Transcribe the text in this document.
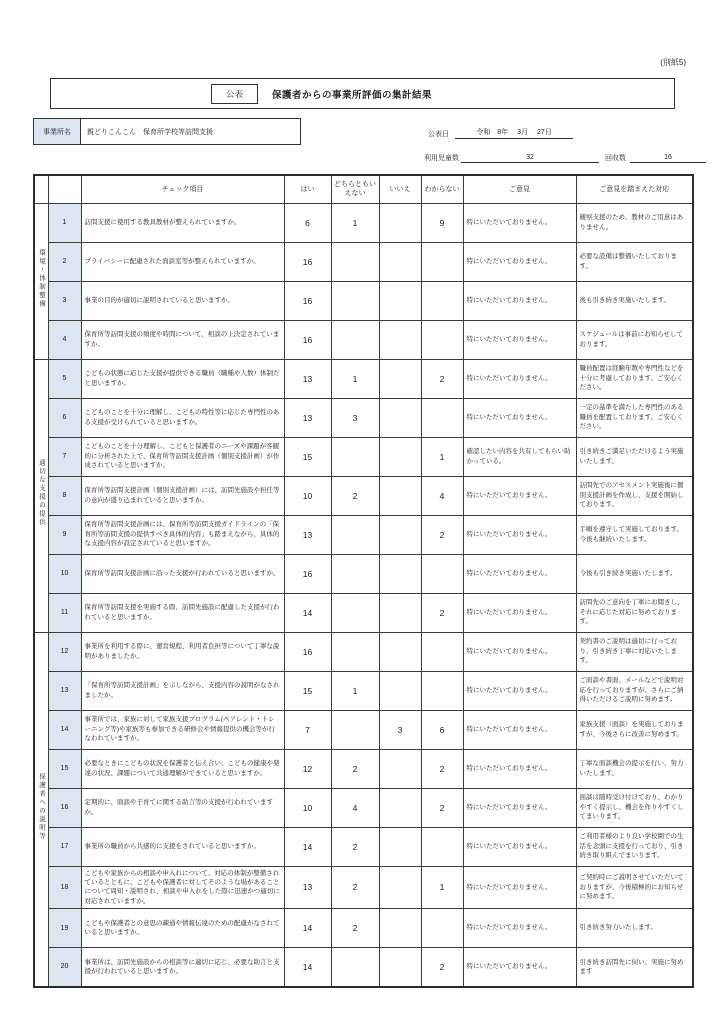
(別紙5)
公表	保護者からの事業所評価の集計結果
事業所名	親どりこんこん　保育所学校等訪問支援	公表日	令和　8年　 3月　 27日
利用児童数	32	回収数	16
		チェック項目	はい	どちらともいえない	いいえ	わからない	ご意見	ご意見を踏まえた対応
環境・体制整備	1	訪問支援に使用する教具教材が整えられていますか。	6	1		9	特にいただいておりません。	観察支援のため、教材のご用意はありません。
	2	プライバシーに配慮された面談室等が整えられていますか。	16				特にいただいておりません。	必要な設備は整備いたしております。
	3	事業の目的が適切に説明されていると思いますか。	16				特にいただいておりません。	後も引き続き実施いたします。
	4	保育所等訪問支援の頻度や時間について、相談の上決定されていますか。	16				特にいただいておりません。	スケジュールは事前にお知らせしております。
適切な支援の提供	5	こどもの状態に応じた支援が提供できる職員（職種や人数）体制だと思いますか。	13	1		2	特にいただいておりません。	職員配置は経験年数や専門性などを十分に考慮しております。ご安心ください。
	6	こどものことを十分に理解し、こどもの特性等に応じた専門性のある支援が受けられていると思いますか。	13	3			特にいただいておりません。	一定の基準を満たした専門性のある職員を配置しております。ご安心ください。
	7	こどものことを十分理解し、こどもと保護者のニーズや課題が客観的に分析された上で、保育所等訪問支援計画（個別支援計画）が作成されていると思いますか。	15			1	確認したい内容を共有してもらい助かっている。	引き続きご満足いただけるよう実施いたします。
	8	保育所等訪問支援計画（個別支援計画）には、訪問先施設や担任等の意向が盛り込まれていると思いますか。	10	2		4	特にいただいておりません。	訪問先でのアセスメント実施後に個別支援計画を作成し、支援を開始しております。
	9	保育所等訪問支援計画には、保育所等訪問支援ガイドラインの「保育所等訪問支援の提供すべき具体的内容」も踏まえながら、具体的な支援内容が設定されていると思いますか。	13			2	特にいただいておりません。	手順を遵守して実施しております。今後も継続いたします。
	10	保育所等訪問支援計画に沿った支援が行われていると思いますか。	16				特にいただいておりません。	今後も引き続き実施いたします。
	11	保育所等訪問支援を実施する際、訪問先施設に配慮した支援が行われていると思いますか。	14			2	特にいただいておりません。	訪問先のご意向を丁寧にお聞きし、それに応じた対応に努めております。
保護者への説明等	12	事業所を利用する際に、運営規程、利用者負担等について丁寧な説明がありましたか。	16				特にいただいておりません。	契約書のご説明は適切に行っており、引き続き丁寧に対応いたします。
	13	「保育所等訪問支援計画」を示しながら、支援内容の説明がなされましたか。	15	1			特にいただいておりません。	ご面談や書面、メールなどで説明対応を行っておりますが、さらにご納得いただけるご説明に努めます。
	14	事業所では、家族に対して家族支援プログラム(ペアレント・トレーニング等)や家族等も参加できる研修会や情報提供の機会等が行なわれていますか。	7		3	6	特にいただいておりません。	家族支援（面談）を実施しておりますが、今後さらに改善に努めます。
	15	必要なときにこどもの状況を保護者と伝え合い、こどもの健康や発達の状況、課題について共通理解ができていると思いますか。	12	2		2	特にいただいておりません。	丁寧な面談機会の提示を行い、努力いたします。
	16	定期的に、面談や子育てに関する助言等の支援が行われていますか。	10	4		2	特にいただいておりません。	面談は随時受け付けており、わかりやすく提示し、機会を作りやすくしてまいります。
	17	事業所の職員から共感的に支援をされていると思いますか。	14	2			特にいただいておりません。	ご利用者様のより良い学校園での生活を念頭に支援を行っており、引き続き取り組んでまいります。
	18	こどもや家族からの相談や申入れについて、対応の体制が整備されているとともに、こどもや保護者に対してそのような場があることについて周知・説明され、相談や申入れをした際に迅速かつ適切に対応されていますか。	13	2		1	特にいただいておりません。	ご契約時にご説明させていただいておりますが、今後積極的にお知らせに努めます。
	19	こどもや保護者との意思の疎通や情報伝達のための配慮がなされていると思いますか。	14	2			特にいただいておりません。	引き続き努力いたします。
	20	事業所は、訪問先施設からの相談等に適切に応じ、必要な助言と支援が行われていると思いますか。	14			2	特にいただいておりません。	引き続き訪問先に伺い、実施に努めます
